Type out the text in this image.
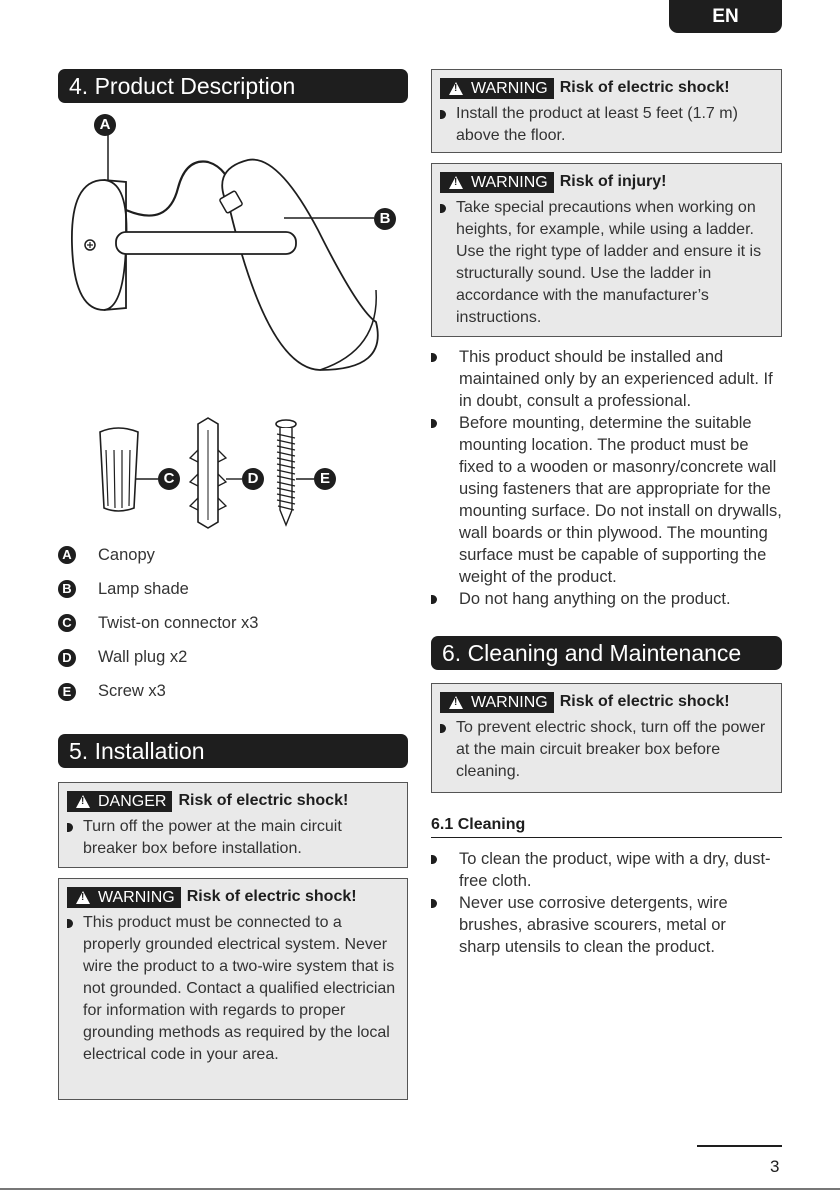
EN
4. Product Description
A
B
C	D	E
A Canopy
B Lamp shade
C Twist-on connector x3
D Wall plug x2
E Screw x3
5. Installation
!
DANGER Risk of electric shock!
Turn off the power at the main circuit breaker box before installation.
!
WARNING Risk of electric shock!
This product must be connected to a properly grounded electrical system. Never wire the product to a two-wire system that is not grounded. Contact a qualified electrician for information with regards to proper grounding methods as required by the local electrical code in your area.
!
WARNING Risk of electric shock!
Install the product at least 5 feet (1.7 m) above the floor.
!
WARNING Risk of injury!
Take special precautions when working on heights, for example, while using a ladder. Use the right type of ladder and ensure it is structurally sound. Use the ladder in accordance with the manufacturer’s instructions.
This product should be installed and maintained only by an experienced adult. If in doubt, consult a professional.
Before mounting, determine the suitable mounting location. The product must be fixed to a wooden or masonry/concrete wall using fasteners that are appropriate for the mounting surface. Do not install on drywalls, wall boards or thin plywood. The mounting surface must be capable of supporting the weight of the product.
Do not hang anything on the product.
6. Cleaning and Maintenance
!
WARNING Risk of electric shock!
To prevent electric shock, turn off the power at the main circuit breaker box before cleaning.
6.1 Cleaning
To clean the product, wipe with a dry, dust-free cloth.
Never use corrosive detergents, wire brushes, abrasive scourers, metal or sharp utensils to clean the product.
3
